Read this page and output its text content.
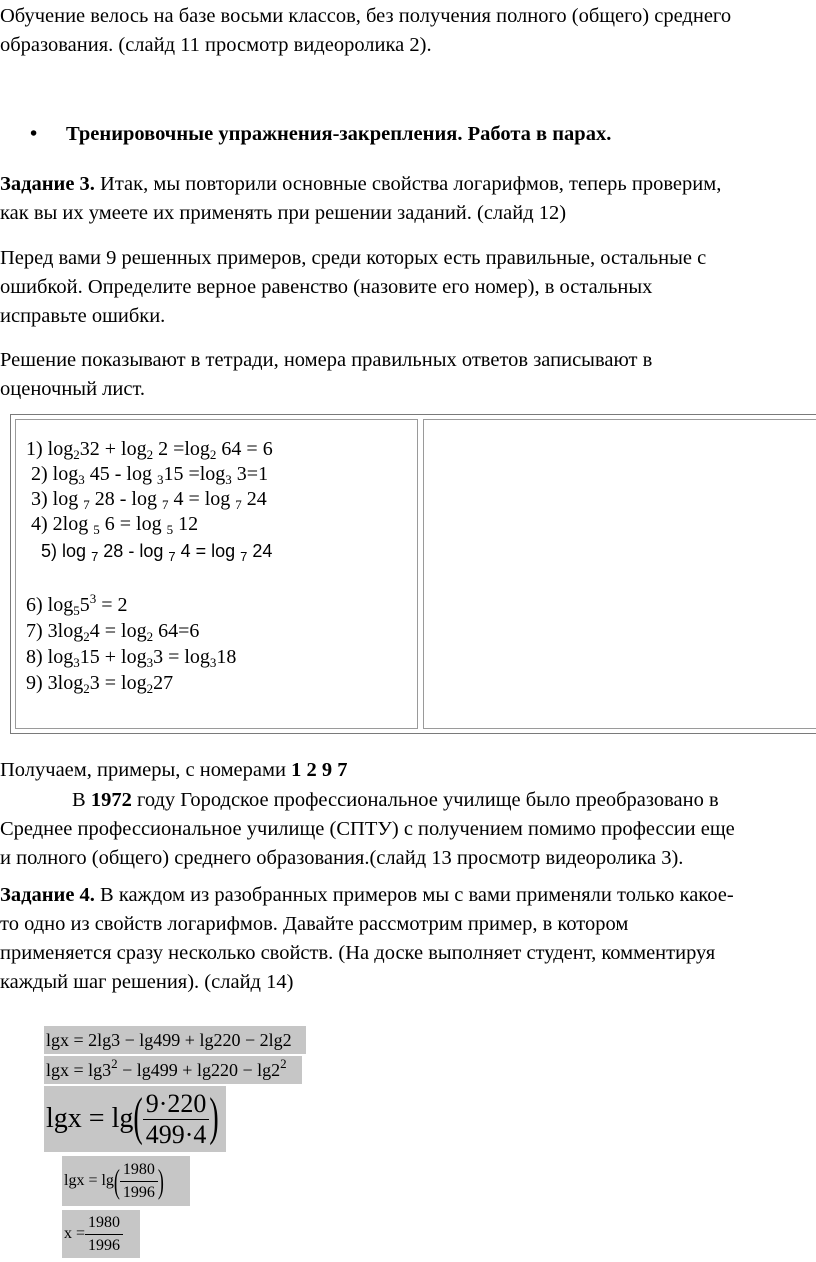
Обучение велось на базе восьми классов, без получения полного (общего) среднего
образования. (слайд 11 просмотр видеоролика 2).
• Тренировочные упражнения-закрепления. Работа в парах.
Задание 3. Итак, мы повторили основные свойства логарифмов, теперь проверим,
как вы их умеете их применять при решении заданий. (слайд 12)
Перед вами 9 решенных примеров, среди которых есть правильные, остальные с
ошибкой. Определите верное равенство (назовите его номер), в остальных
исправьте ошибки.
Решение показывают в тетради, номера правильных ответов записывают в
оценочный лист.
1) $\log_232 + \log_2 2 =\log_2$ 64 = 6
2) $\log_3 45 - \log _315 =\log_3$ 3=1
3) log $_7$ 28 - log $_7$ 4 = log $_7$ 24
4) 2log $_5$ 6 = log $_5$ 12
5) log $_7$ 28 - log $_7$ 4 = log $_7$ 24
6) $\log_55^3 = 2$
7) $3\log_24 = \log_2 64=6$
8) $\log_315 + \log_33 = \log_318$
9) $3\log_23 = \log_227$
Получаем, примеры, с номерами 1 2 9 7
В 1972 году Городское профессиональное училище было преобразовано в
Среднее профессиональное училище (СПТУ) с получением помимо профессии еще
и полного (общего) среднего образования.(слайд 13 просмотр видеоролика 3).
Задание 4. В каждом из разобранных примеров мы с вами применяли только какое-
то одно из свойств логарифмов. Давайте рассмотрим пример, в котором
применяется сразу несколько свойств. (На доске выполняет студент, комментируя
каждый шаг решения). (слайд 14)
lgx = 2lg3 − lg499 + lg220 − 2lg2
$\lg x = \lg 3^2 - \lg 499 + \lg 220 - \lg 2^2$
lgx = lg ( $\frac{9\cdot 220}{499\cdot 4}$ )
lgx = lg ( $\frac{1980}{1996}$ )
$x = \frac{1980}{1996}$
